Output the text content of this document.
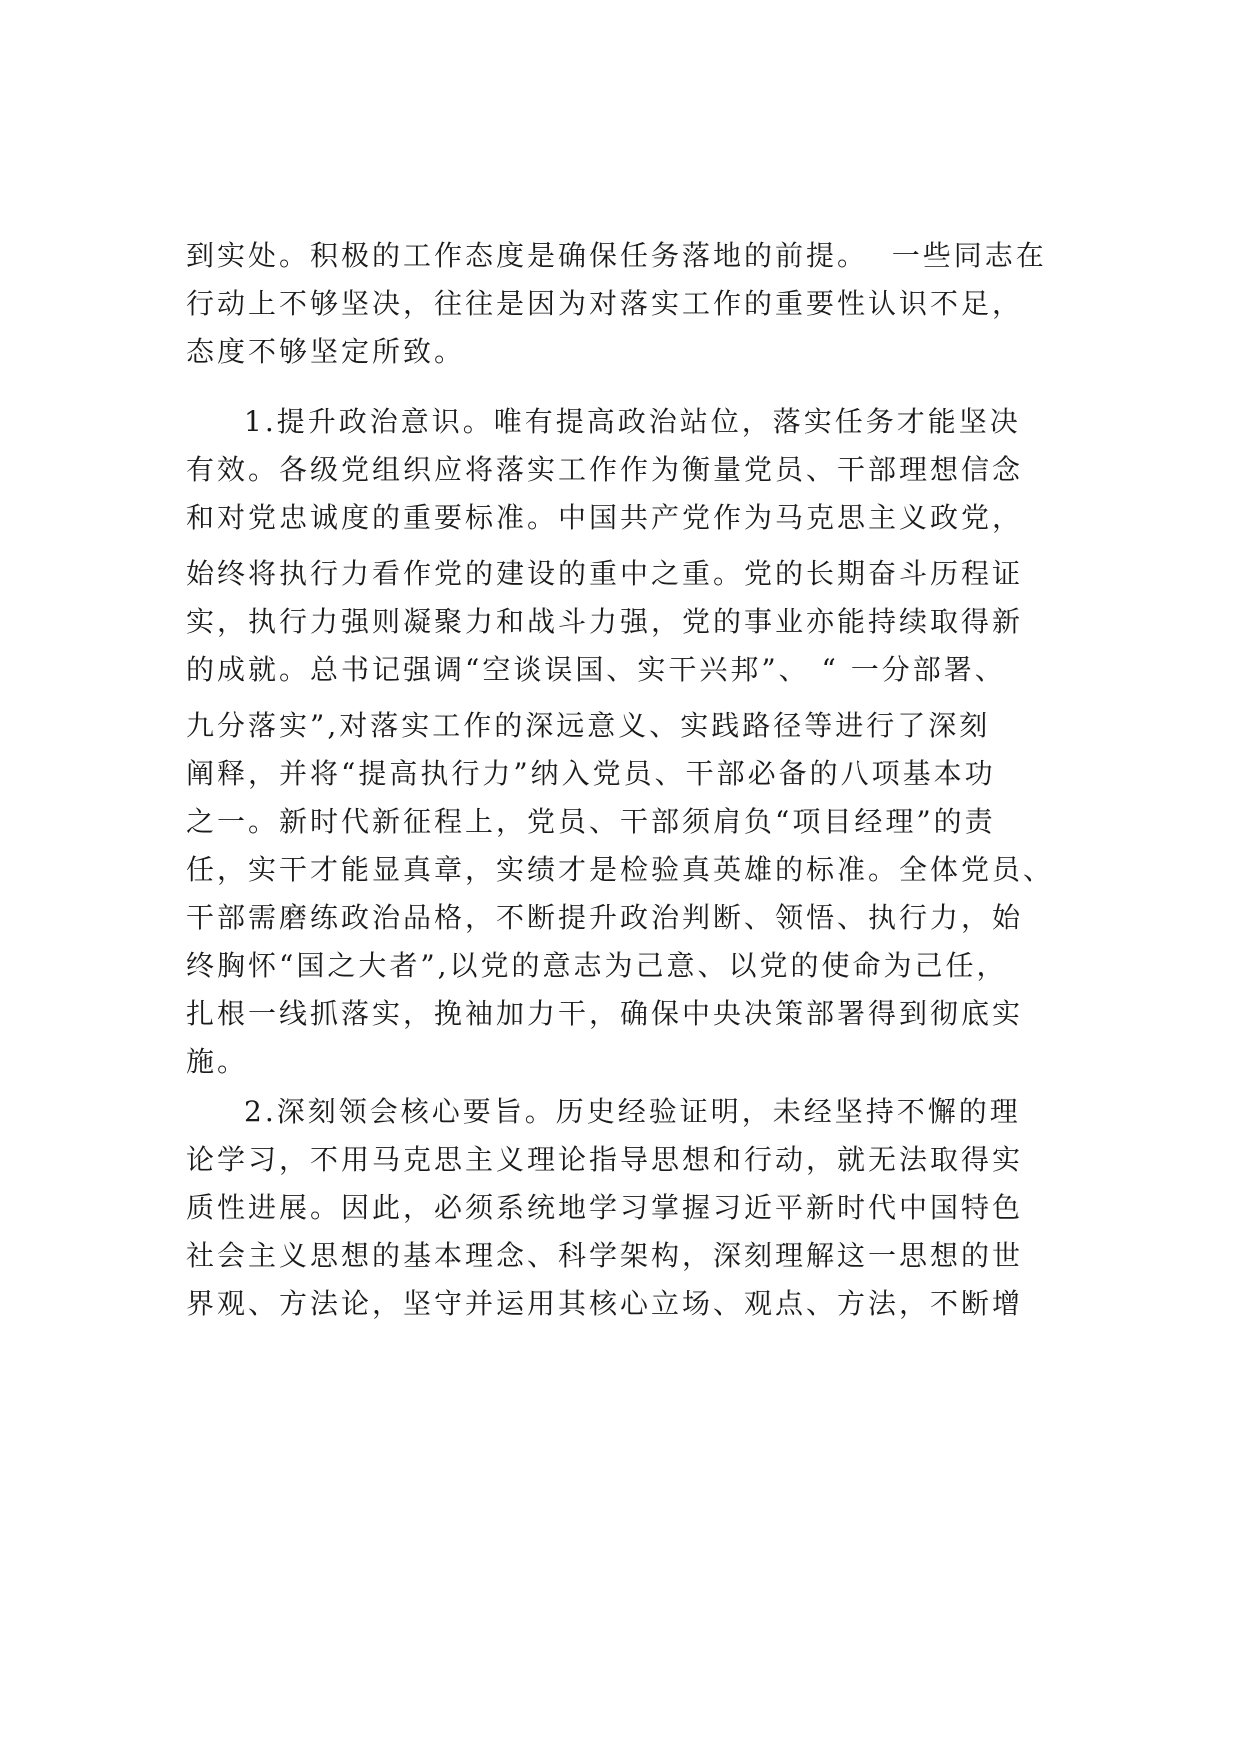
到实处。积极的工作态度是确保任务落地的前提。  一些同志在
行动上不够坚决，往往是因为对落实工作的重要性认识不足，
态度不够坚定所致。
1.提升政治意识。唯有提高政治站位，落实任务才能坚决
有效。各级党组织应将落实工作作为衡量党员、干部理想信念
和对党忠诚度的重要标准。中国共产党作为马克思主义政党，
始终将执行力看作党的建设的重中之重。党的长期奋斗历程证
实，执行力强则凝聚力和战斗力强，党的事业亦能持续取得新
的成就。总书记强调“空谈误国、实干兴邦”、 “ 一分部署、
九分落实”,对落实工作的深远意义、实践路径等进行了深刻
阐释，并将“提高执行力”纳入党员、干部必备的八项基本功
之一。新时代新征程上，党员、干部须肩负“项目经理”的责
任，实干才能显真章，实绩才是检验真英雄的标准。全体党员、
干部需磨练政治品格，不断提升政治判断、领悟、执行力，始
终胸怀“国之大者”,以党的意志为己意、以党的使命为己任，
扎根一线抓落实，挽袖加力干，确保中央决策部署得到彻底实
施。
2.深刻领会核心要旨。历史经验证明，未经坚持不懈的理
论学习，不用马克思主义理论指导思想和行动，就无法取得实
质性进展。因此，必须系统地学习掌握习近平新时代中国特色
社会主义思想的基本理念、科学架构，深刻理解这一思想的世
界观、方法论，坚守并运用其核心立场、观点、方法，不断增
